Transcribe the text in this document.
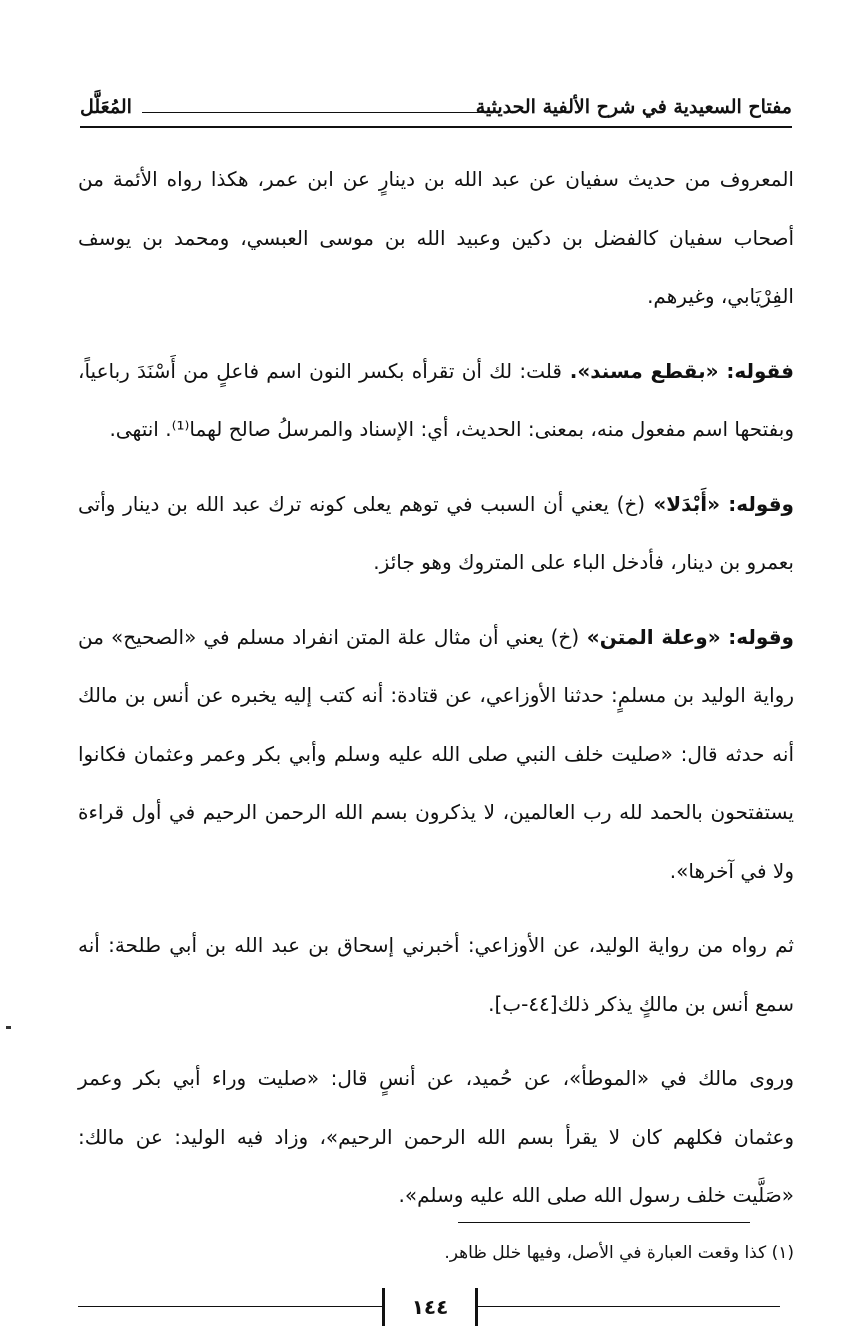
مفتاح السعيدية في شرح الألفية الحديثية
المُعَلَّل

المعروف من حديث سفيان عن عبد الله بن دينارٍ عن ابن عمر، هكذا رواه الأئمة من أصحاب سفيان كالفضل بن دكين وعبيد الله بن موسى العبسي، ومحمد بن يوسف الفِرْيَابي، وغيرهم.

فقوله: «بقطع مسند». قلت: لك أن تقرأه بكسر النون اسم فاعلٍ من أَسْنَدَ رباعياً، وبفتحها اسم مفعول منه، بمعنى: الحديث، أي: الإسناد والمرسلُ صالح لهما⁽¹⁾. انتهى.

وقوله: «أَبْدَلا» (خ) يعني أن السبب في توهم يعلى كونه ترك عبد الله بن دينار وأتى بعمرو بن دينار، فأدخل الباء على المتروك وهو جائز.

وقوله: «وعلة المتن» (خ) يعني أن مثال علة المتن انفراد مسلم في «الصحيح» من رواية الوليد بن مسلمٍ: حدثنا الأوزاعي، عن قتادة: أنه كتب إليه يخبره عن أنس بن مالك أنه حدثه قال: «صليت خلف النبي صلى الله عليه وسلم وأبي بكر وعمر وعثمان فكانوا يستفتحون بالحمد لله رب العالمين، لا يذكرون بسم الله الرحمن الرحيم في أول قراءة ولا في آخرها».

ثم رواه من رواية الوليد، عن الأوزاعي: أخبرني إسحاق بن عبد الله بن أبي طلحة: أنه سمع أنس بن مالكٍ يذكر ذلك[٤٤-ب].

وروى مالك في «الموطأ»، عن حُميد، عن أنسٍ قال: «صليت وراء أبي بكر وعمر وعثمان فكلهم كان لا يقرأ بسم الله الرحمن الرحيم»، وزاد فيه الوليد: عن مالك: «صَلَّيت خلف رسول الله صلى الله عليه وسلم».

(١) كذا وقعت العبارة في الأصل، وفيها خلل ظاهر.
١٤٤
